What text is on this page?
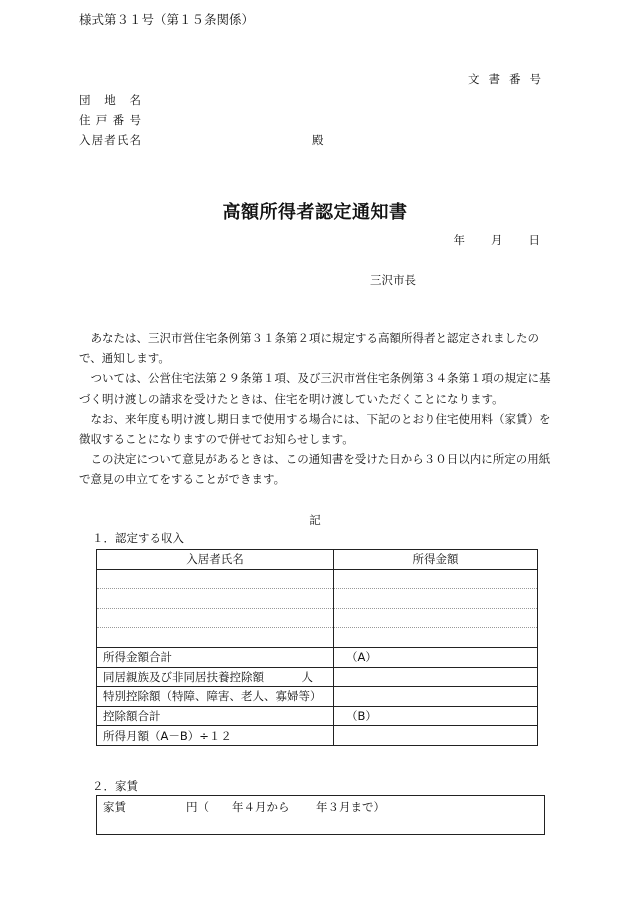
様式第３１号（第１５条関係）
文書番号
団地名
住戸番号
入居者氏名	殿
高額所得者認定通知書
年 月 日
三沢市長

あなたは、三沢市営住宅条例第３１条第２項に規定する高額所得者と認定されましたので、通知します。

ついては、公営住宅法第２９条第１項、及び三沢市営住宅条例第３４条第１項の規定に基づく明け渡しの請求を受けたときは、住宅を明け渡していただくことになります。

なお、来年度も明け渡し期日まで使用する場合には、下記のとおり住宅使用料（家賃）を徴収することになりますので併せてお知らせします。

この決定について意見があるときは、この通知書を受けた日から３０日以内に所定の用紙で意見の申立てをすることができます。

記
１．認定する収入
入居者氏名	所得金額

所得金額合計	（A）
同居親族及び非同居扶養控除額 人	

特別控除額（特障、障害、老人、寡婦等）	
控除額合計	（B）
所得月額（A－B）÷１２	
２．家賃
家賃	円（ 年４月から 年３月まで）
